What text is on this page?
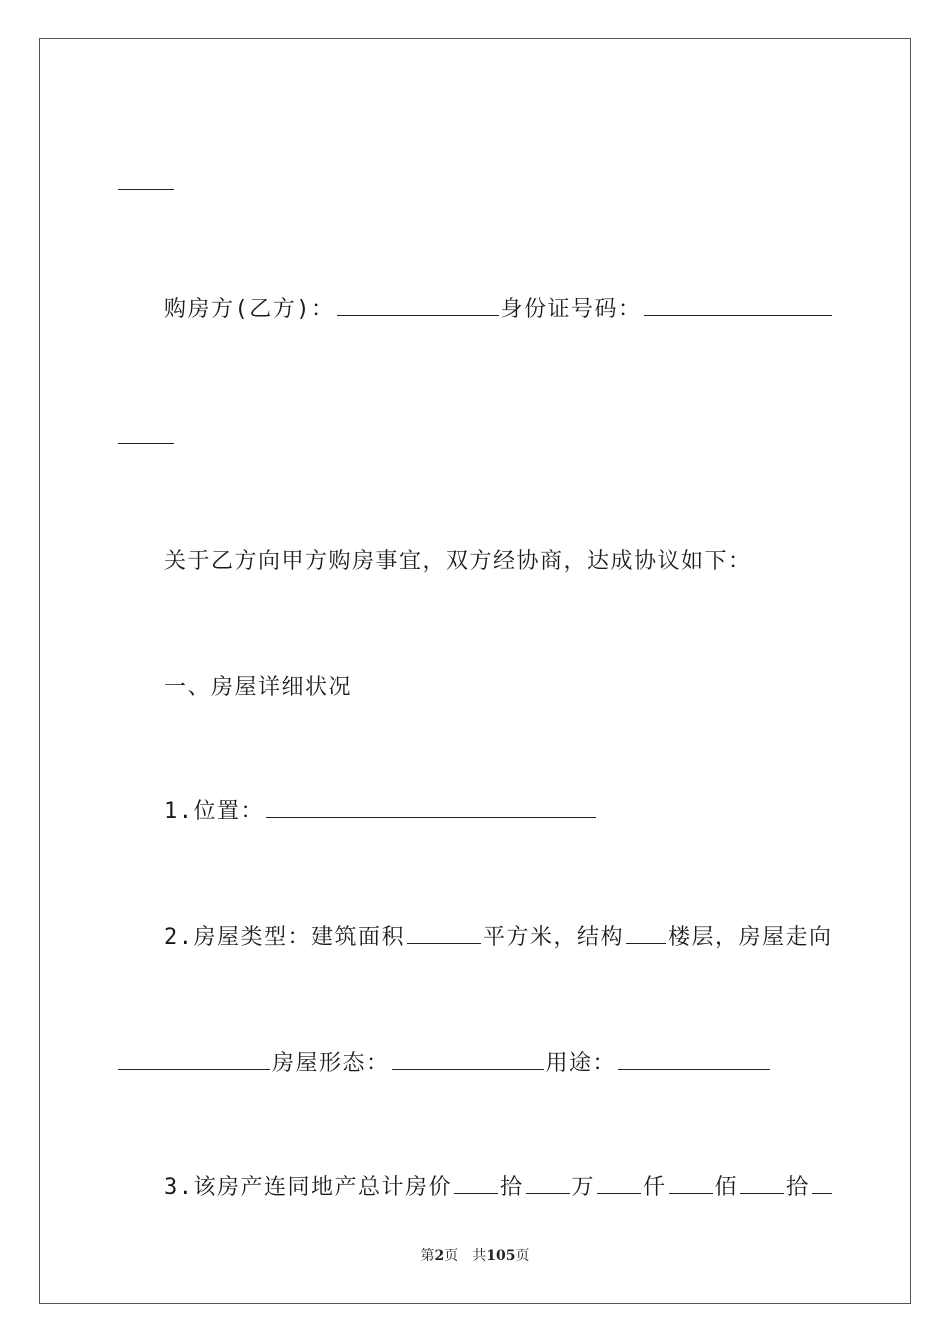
购房方(乙方)：	身份证号码：
关于乙方向甲方购房事宜，双方经协商，达成协议如下：
一、房屋详细状况
1.位置：
2.房屋类型：建筑面积	平方米，结构 楼层，房屋走向
房屋形态：	用途：
3.该房产连同地产总计房价 拾 万 仟 佰 拾
第2页　共105页
